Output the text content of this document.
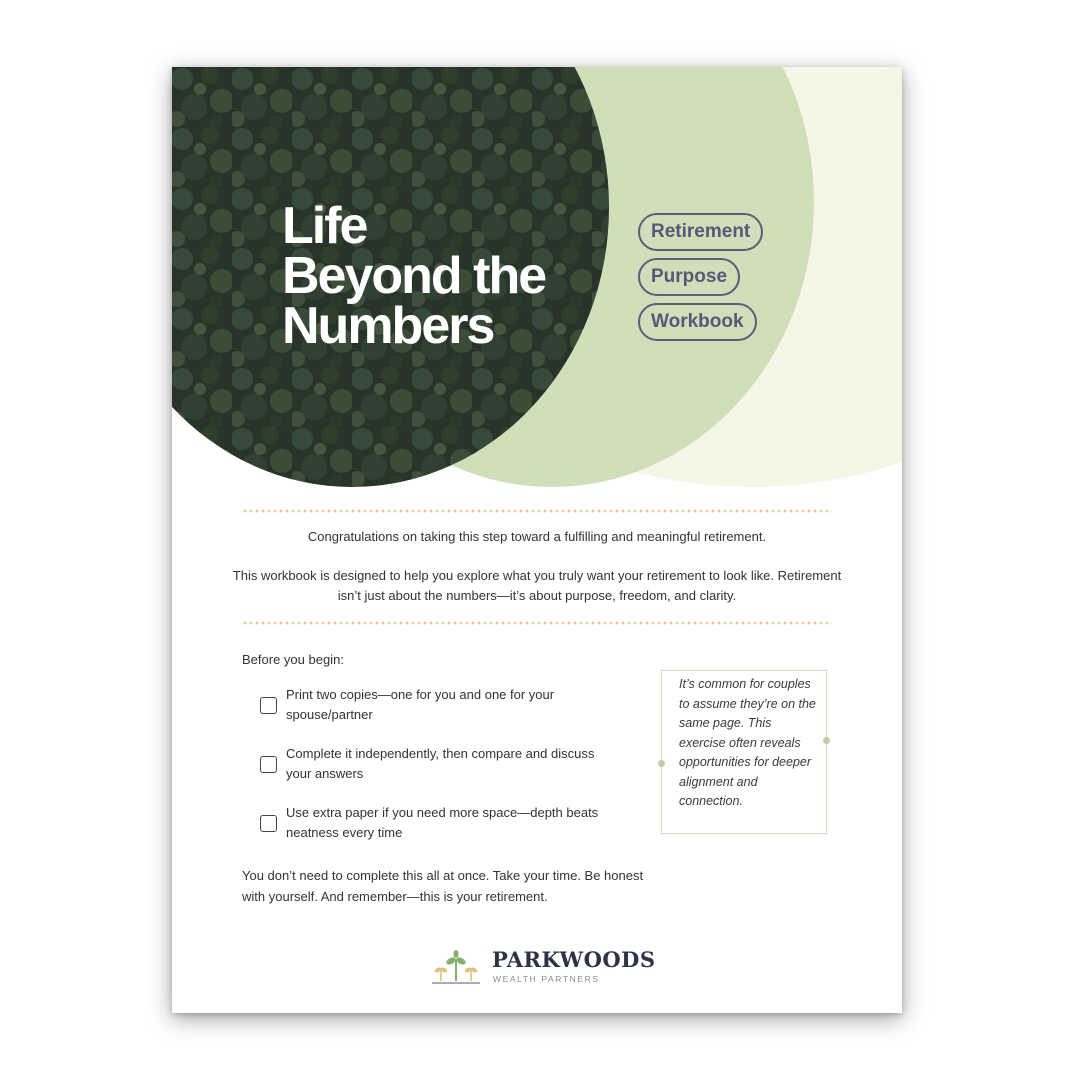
Life
Beyond the
Numbers
Retirement
Purpose
Workbook

Congratulations on taking this step toward a fulfilling and meaningful retirement.

This workbook is designed to help you explore what you truly want your retirement to look like. Retirement isn’t just about the numbers—it’s about purpose, freedom, and clarity.

Before you begin:

Print two copies—one for you and one for your spouse/partner
Complete it independently, then compare and discuss your answers
Use extra paper if you need more space—depth beats neatness every time

It’s common for couples to assume they’re on the same page. This exercise often reveals opportunities for deeper alignment and connection.

You don’t need to complete this all at once. Take your time. Be honest with yourself. And remember—this is your retirement.

PARKWOODS
WEALTH PARTNERS
